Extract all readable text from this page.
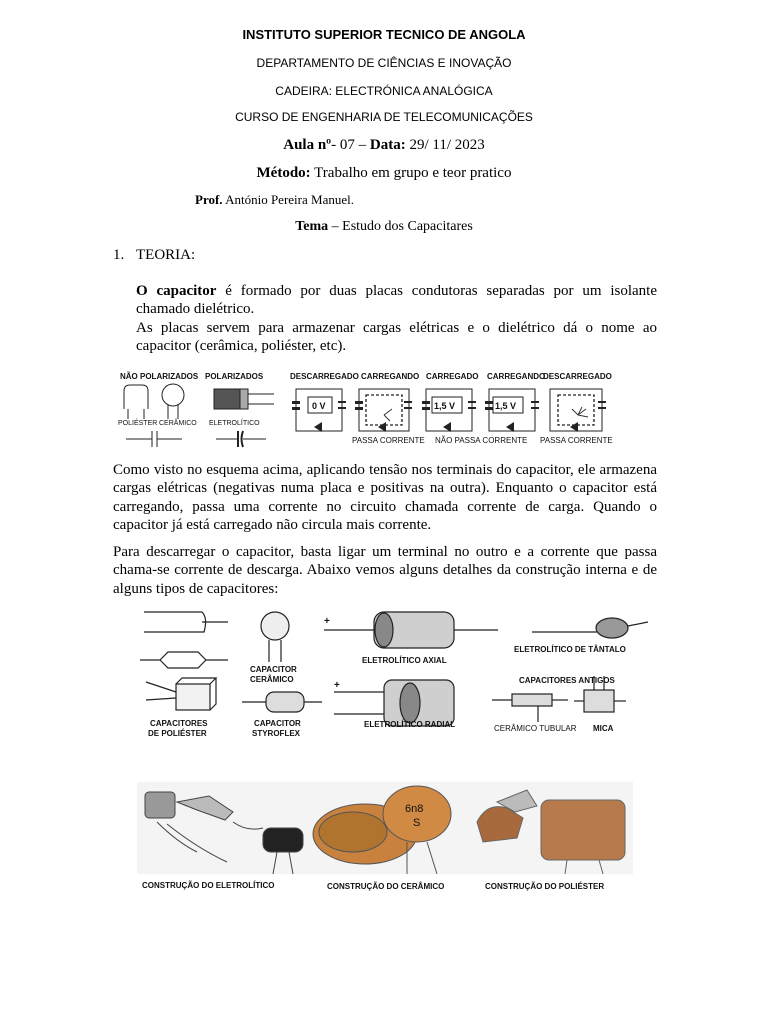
INSTITUTO SUPERIOR TECNICO DE ANGOLA
DEPARTAMENTO DE CIÊNCIAS E INOVAÇÃO
CADEIRA: ELECTRÓNICA ANALÓGICA
CURSO DE ENGENHARIA DE TELECOMUNICAÇÕES
Aula nº- 07 – Data: 29/ 11/ 2023
Método: Trabalho em grupo e teor pratico
Prof. António Pereira Manuel.
Tema – Estudo dos Capacitares
1. TEORIA:

O capacitor é formado por duas placas condutoras separadas por um isolante chamado dielétrico.

As placas servem para armazenar cargas elétricas e o dielétrico dá o nome ao capacitor (cerâmica, poliéster, etc).

NÃO POLARIZADOS POLARIZADOS	DESCARREGADO CARREGANDO CARREGADO CARREGANDO
DESCARREGADO
POLIÉSTER CERÂMICO ELETROLÍTICO
0 V	1,5 V	1,5 V
PASSA CORRENTE NÃO PASSA CORRENTE PASSA CORRENTE
Como visto no esquema acima, aplicando tensão nos terminais do capacitor, ele armazena cargas elétricas (negativas numa placa e positivas na outra). Enquanto o capacitor está carregando, passa uma corrente no circuito chamada corrente de carga. Quando o capacitor já está carregado não circula mais corrente.
Para descarregar o capacitor, basta ligar um terminal no outro e a corrente que passa chama-se corrente de descarga. Abaixo vemos alguns detalhes da construção interna e de alguns tipos de capacitores:
+
+
CAPACITOR
CERÂMICO
ELETROLÍTICO AXIAL
ELETROLÍTICO DE TÂNTALO
CAPACITORES ANTIGOS
CAPACITORES
DE POLIÉSTER
CAPACITOR
STYROFLEX
ELETROLÍTICO RADIAL	CERÂMICO TUBULAR MICA
6n8
S
CONSTRUÇÃO DO ELETROLÍTICO	CONSTRUÇÃO DO CERÂMICO	CONSTRUÇÃO DO POLIÉSTER
